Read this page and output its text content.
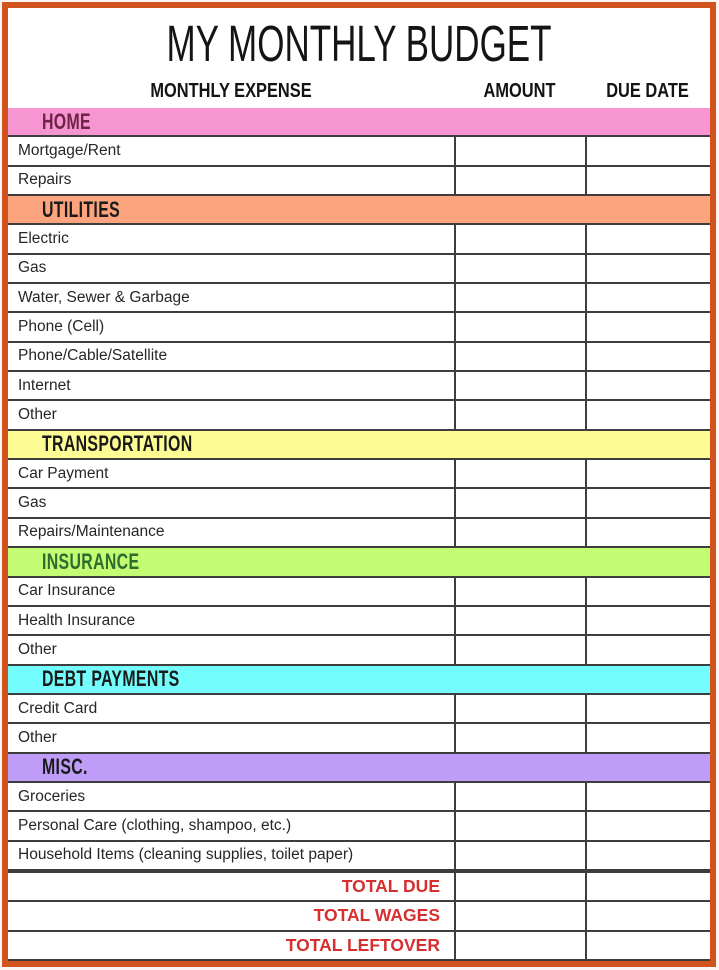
MY MONTHLY BUDGET
MONTHLY EXPENSE	AMOUNT	DUE DATE
HOME
Mortgage/Rent
Repairs
UTILITIES
Electric
Gas
Water, Sewer & Garbage
Phone (Cell)
Phone/Cable/Satellite
Internet
Other
TRANSPORTATION
Car Payment
Gas
Repairs/Maintenance
INSURANCE
Car Insurance
Health Insurance
Other
DEBT PAYMENTS
Credit Card
Other
MISC.
Groceries
Personal Care (clothing, shampoo, etc.)
Household Items (cleaning supplies, toilet paper)
TOTAL DUE
TOTAL WAGES
TOTAL LEFTOVER
